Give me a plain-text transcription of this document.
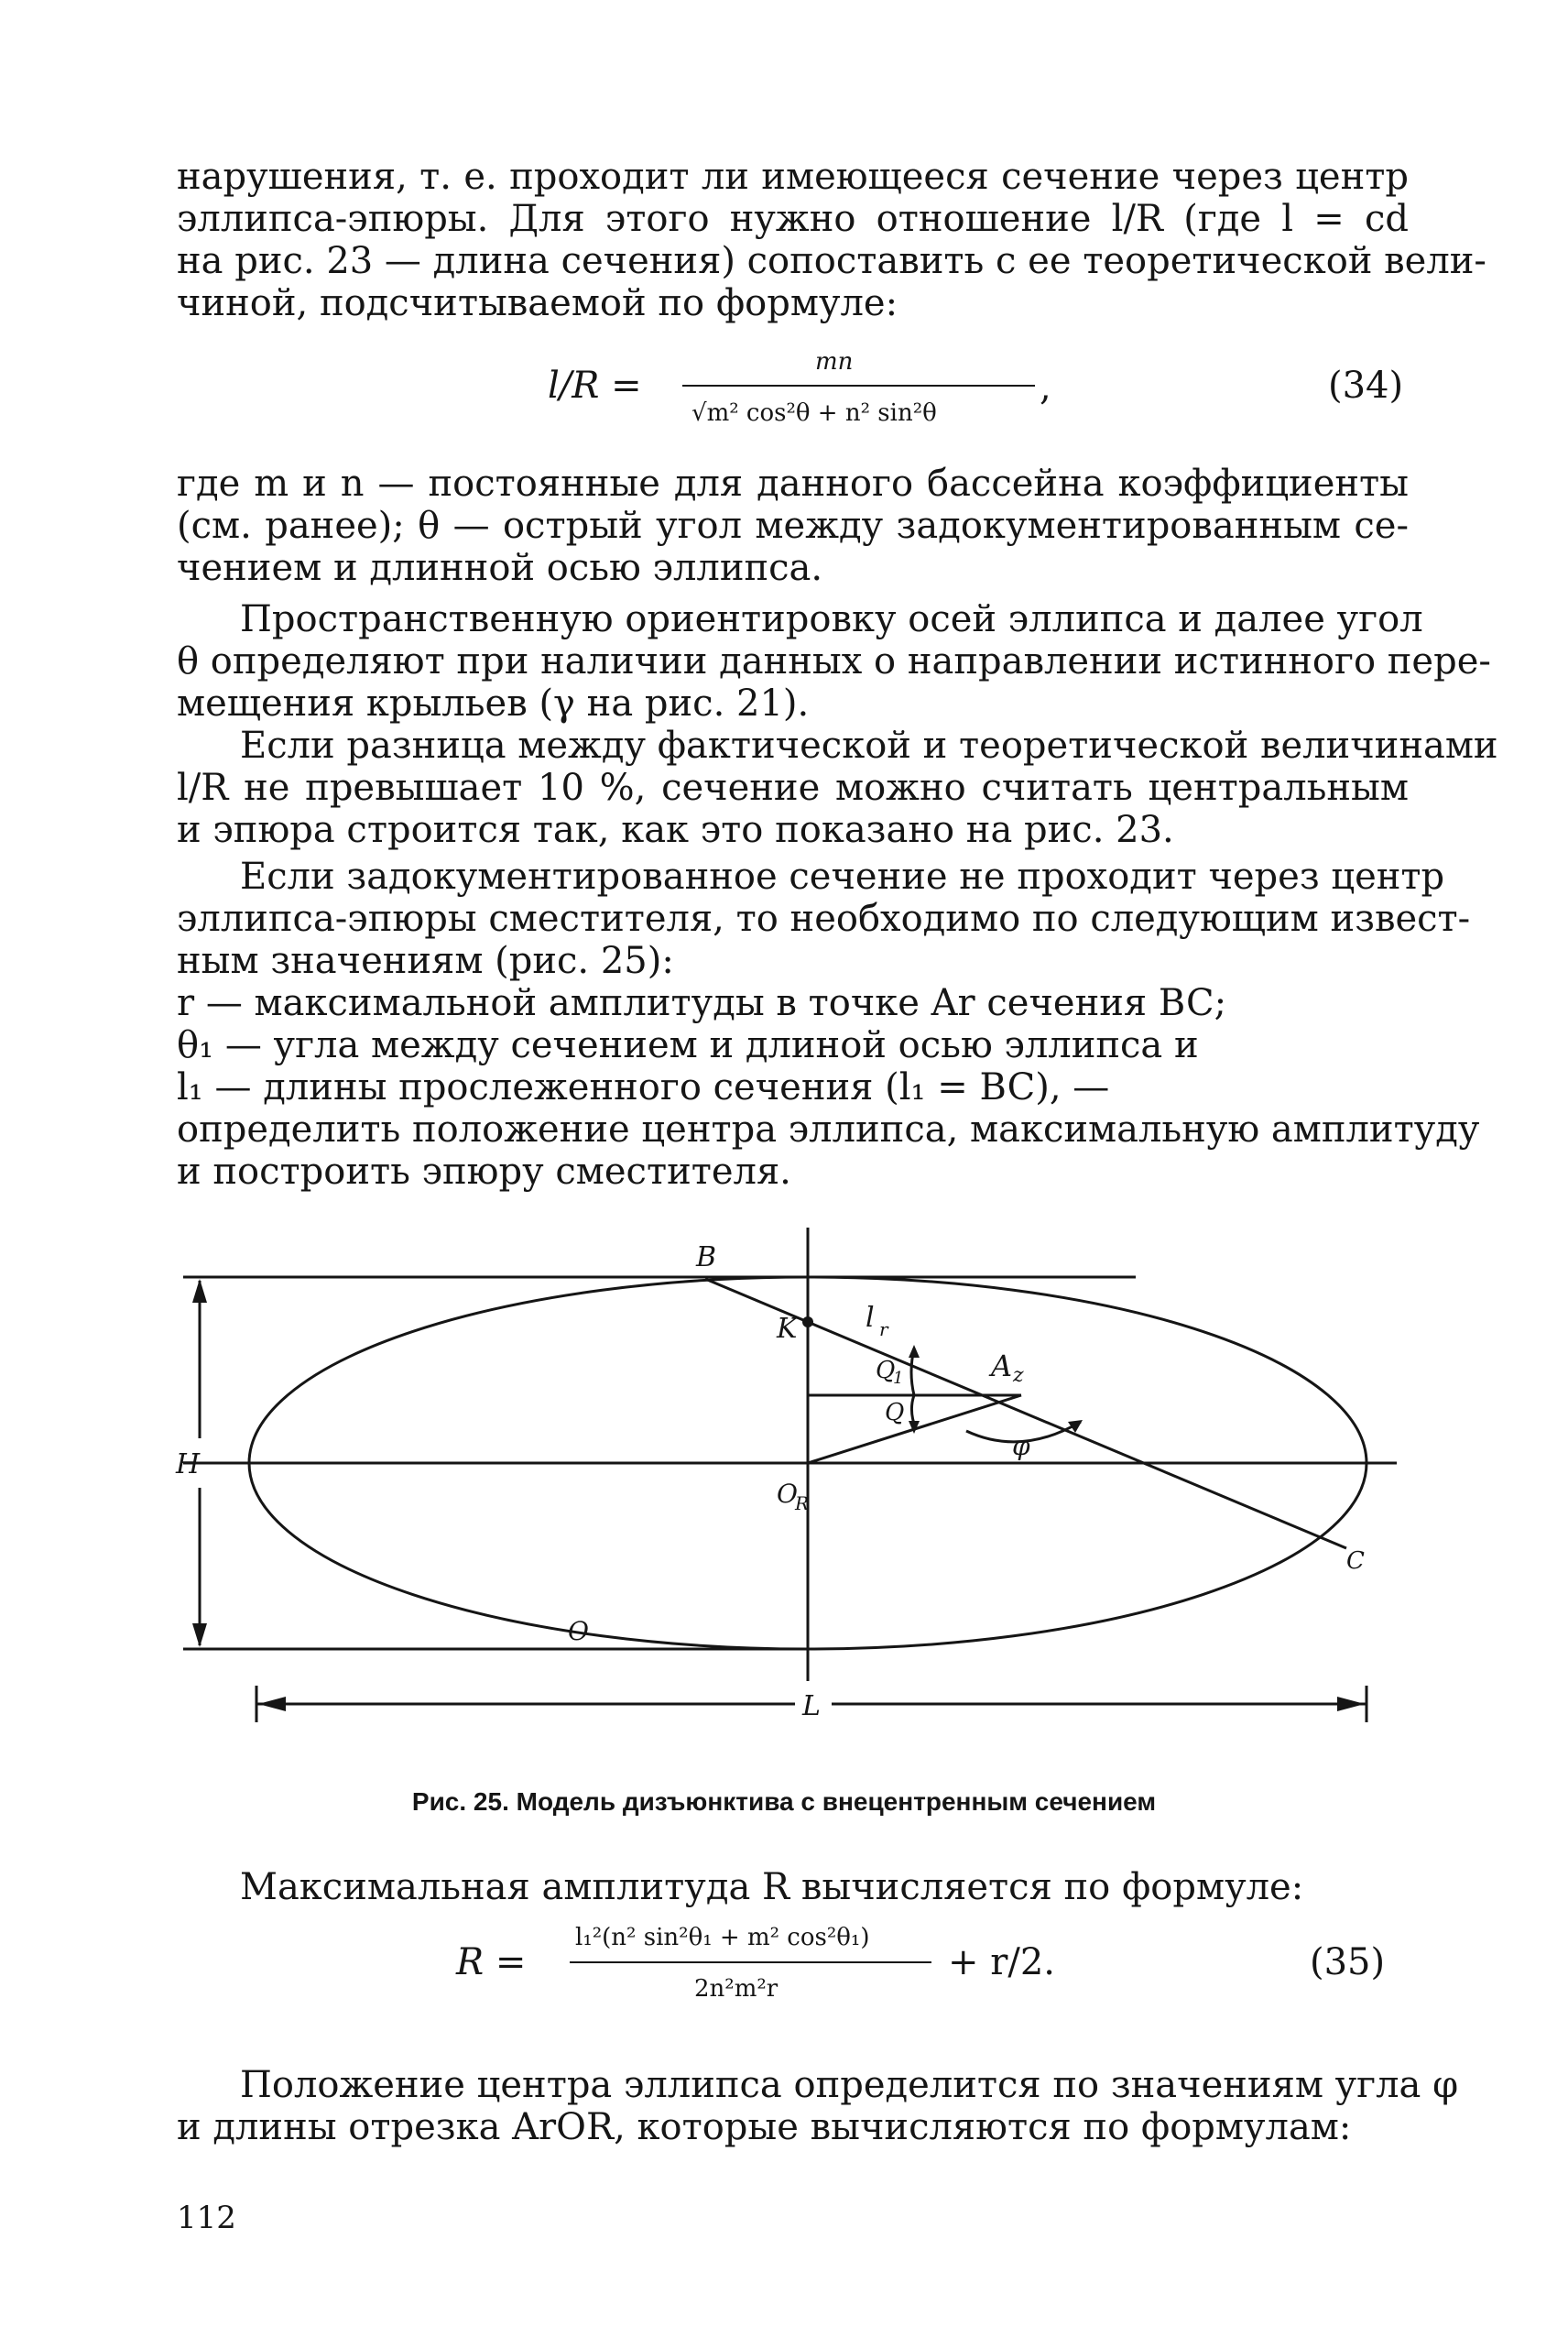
нарушения, т. е. проходит ли имеющееся сечение через центр
эллипса-эпюры. Для этого нужно отношение l/R (где l = cd
на рис. 23 — длина сечения) сопоставить с ее теоретической вели-
чиной, подсчитываемой по формуле:
l/R =
mn
√m² cos²θ + n² sin²θ
,	(34)
где m и n — постоянные для данного бассейна коэффициенты
(см. ранее); θ — острый угол между задокументированным се-
чением и длинной осью эллипса.
Пространственную ориентировку осей эллипса и далее угол
θ определяют при наличии данных о направлении истинного пере-
мещения крыльев (γ на рис. 21).
Если разница между фактической и теоретической величинами
l/R не превышает 10 %, сечение можно считать центральным
и эпюра строится так, как это показано на рис. 23.
Если задокументированное сечение не проходит через центр
эллипса-эпюры сместителя, то необходимо по следующим извест-
ным значениям (рис. 25):
r — максимальной амплитуды в точке Ar сечения BC;
θ₁ — угла между сечением и длиной осью эллипса и
l₁ — длины прослеженного сечения (l₁ = BC), —
определить положение центра эллипса, максимальную амплитуду
и построить эпюру сместителя.
B
K l r
Q
1	A z
Q
φ
H
O
R
C
O
L
Рис. 25. Модель дизъюнктива с внецентренным сечением
Максимальная амплитуда R вычисляется по формуле:
R =
l₁²(n² sin²θ₁ + m² cos²θ₁)
2n²m²r
+ r/2.	(35)
Положение центра эллипса определится по значениям угла φ
и длины отрезка ArOR, которые вычисляются по формулам:
112
